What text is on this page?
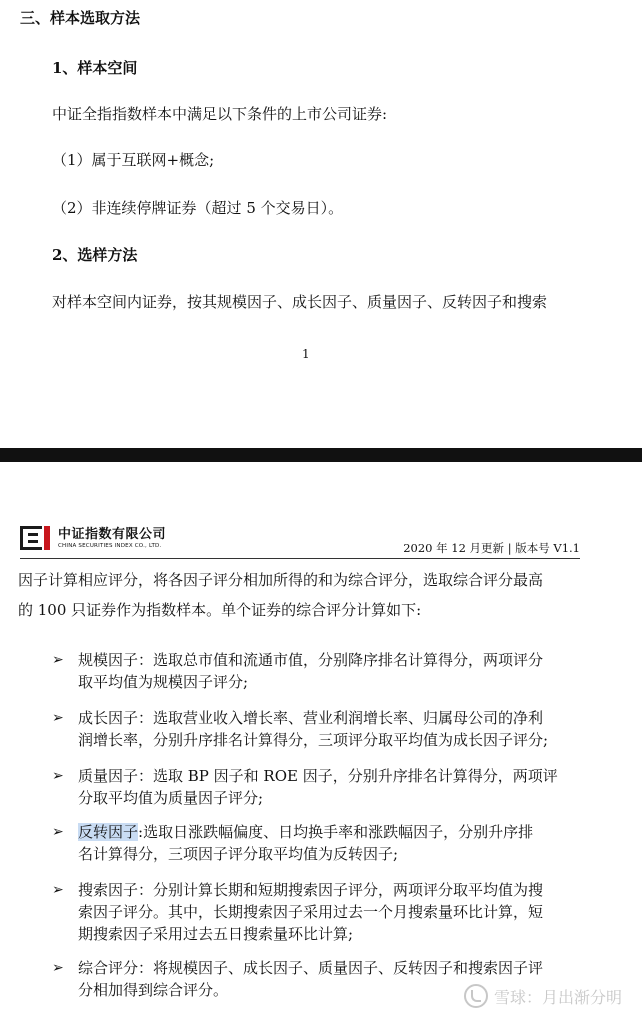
三、样本选取方法
1、样本空间
中证全指指数样本中满足以下条件的上市公司证券:
（1）属于互联网+概念;
（2）非连续停牌证券（超过 5 个交易日）。
2、选样方法
对样本空间内证券，按其规模因子、成长因子、质量因子、反转因子和搜索
1
中证指数有限公司
CHINA SECURITIES INDEX CO., LTD.	2020 年 12 月更新 | 版本号 V1.1
因子计算相应评分，将各因子评分相加所得的和为综合评分，选取综合评分最高
的 100 只证券作为指数样本。单个证券的综合评分计算如下:
➢ 规模因子：选取总市值和流通市值，分别降序排名计算得分，两项评分
取平均值为规模因子评分;
➢ 成长因子：选取营业收入增长率、营业利润增长率、归属母公司的净利
润增长率，分别升序排名计算得分，三项评分取平均值为成长因子评分;
➢ 质量因子：选取 BP 因子和 ROE 因子，分别升序排名计算得分，两项评
分取平均值为质量因子评分;
➢ 反转因子:选取日涨跌幅偏度、日均换手率和涨跌幅因子，分别升序排
名计算得分，三项因子评分取平均值为反转因子;
➢ 搜索因子：分别计算长期和短期搜索因子评分，两项评分取平均值为搜
索因子评分。其中，长期搜索因子采用过去一个月搜索量环比计算，短
期搜索因子采用过去五日搜索量环比计算;
➢ 综合评分：将规模因子、成长因子、质量因子、反转因子和搜索因子评
分相加得到综合评分。	雪球：月出渐分明
